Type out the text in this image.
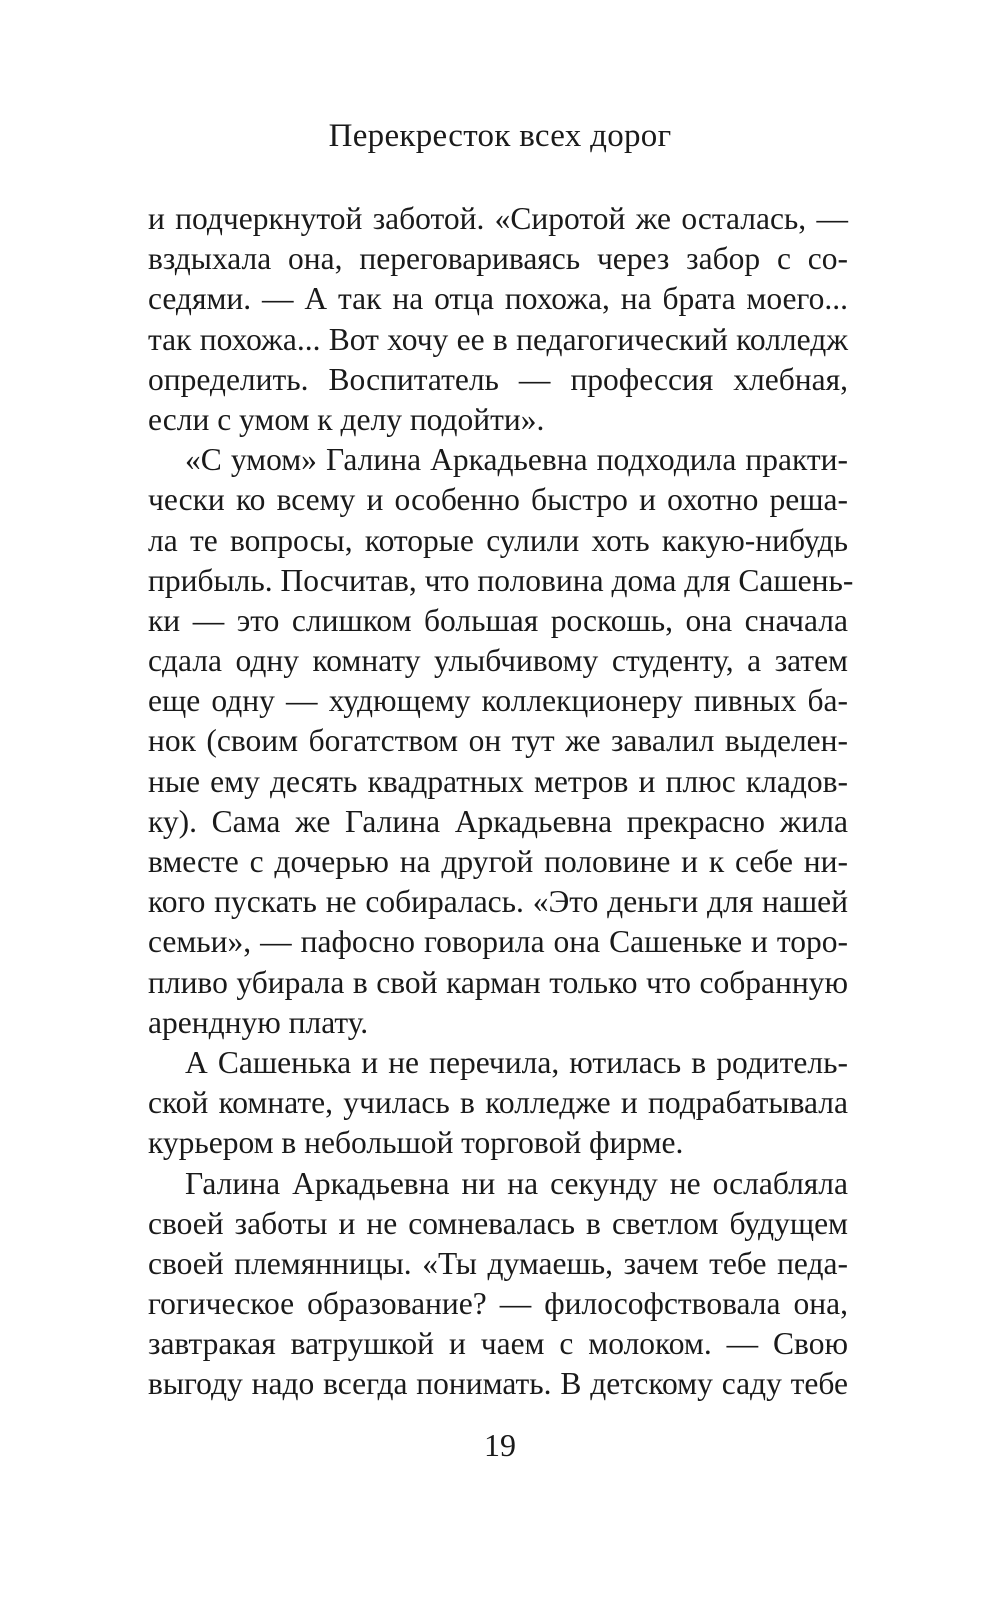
Перекресток всех дорог
и подчеркнутой заботой. «Сиротой же осталась, —
вздыхала она, переговариваясь через забор с со-
седями. — А так на отца похожа, на брата моего...
так похожа... Вот хочу ее в педагогический колледж
определить. Воспитатель — профессия хлебная,
если с умом к делу подойти».
«С умом» Галина Аркадьевна подходила практи-
чески ко всему и особенно быстро и охотно реша-
ла те вопросы, которые сулили хоть какую-нибудь
прибыль. Посчитав, что половина дома для Сашень-
ки — это слишком большая роскошь, она сначала
сдала одну комнату улыбчивому студенту, а затем
еще одну — худющему коллекционеру пивных ба-
нок (своим богатством он тут же завалил выделен-
ные ему десять квадратных метров и плюс кладов-
ку). Сама же Галина Аркадьевна прекрасно жила
вместе с дочерью на другой половине и к себе ни-
кого пускать не собиралась. «Это деньги для нашей
семьи», — пафосно говорила она Сашеньке и торо-
пливо убирала в свой карман только что собранную
арендную плату.
А Сашенька и не перечила, ютилась в родитель-
ской комнате, училась в колледже и подрабатывала
курьером в небольшой торговой фирме.
Галина Аркадьевна ни на секунду не ослабляла
своей заботы и не сомневалась в светлом будущем
своей племянницы. «Ты думаешь, зачем тебе педа-
гогическое образование? — философствовала она,
завтракая ватрушкой и чаем с молоком. — Свою
выгоду надо всегда понимать. В детскому саду тебе
19
